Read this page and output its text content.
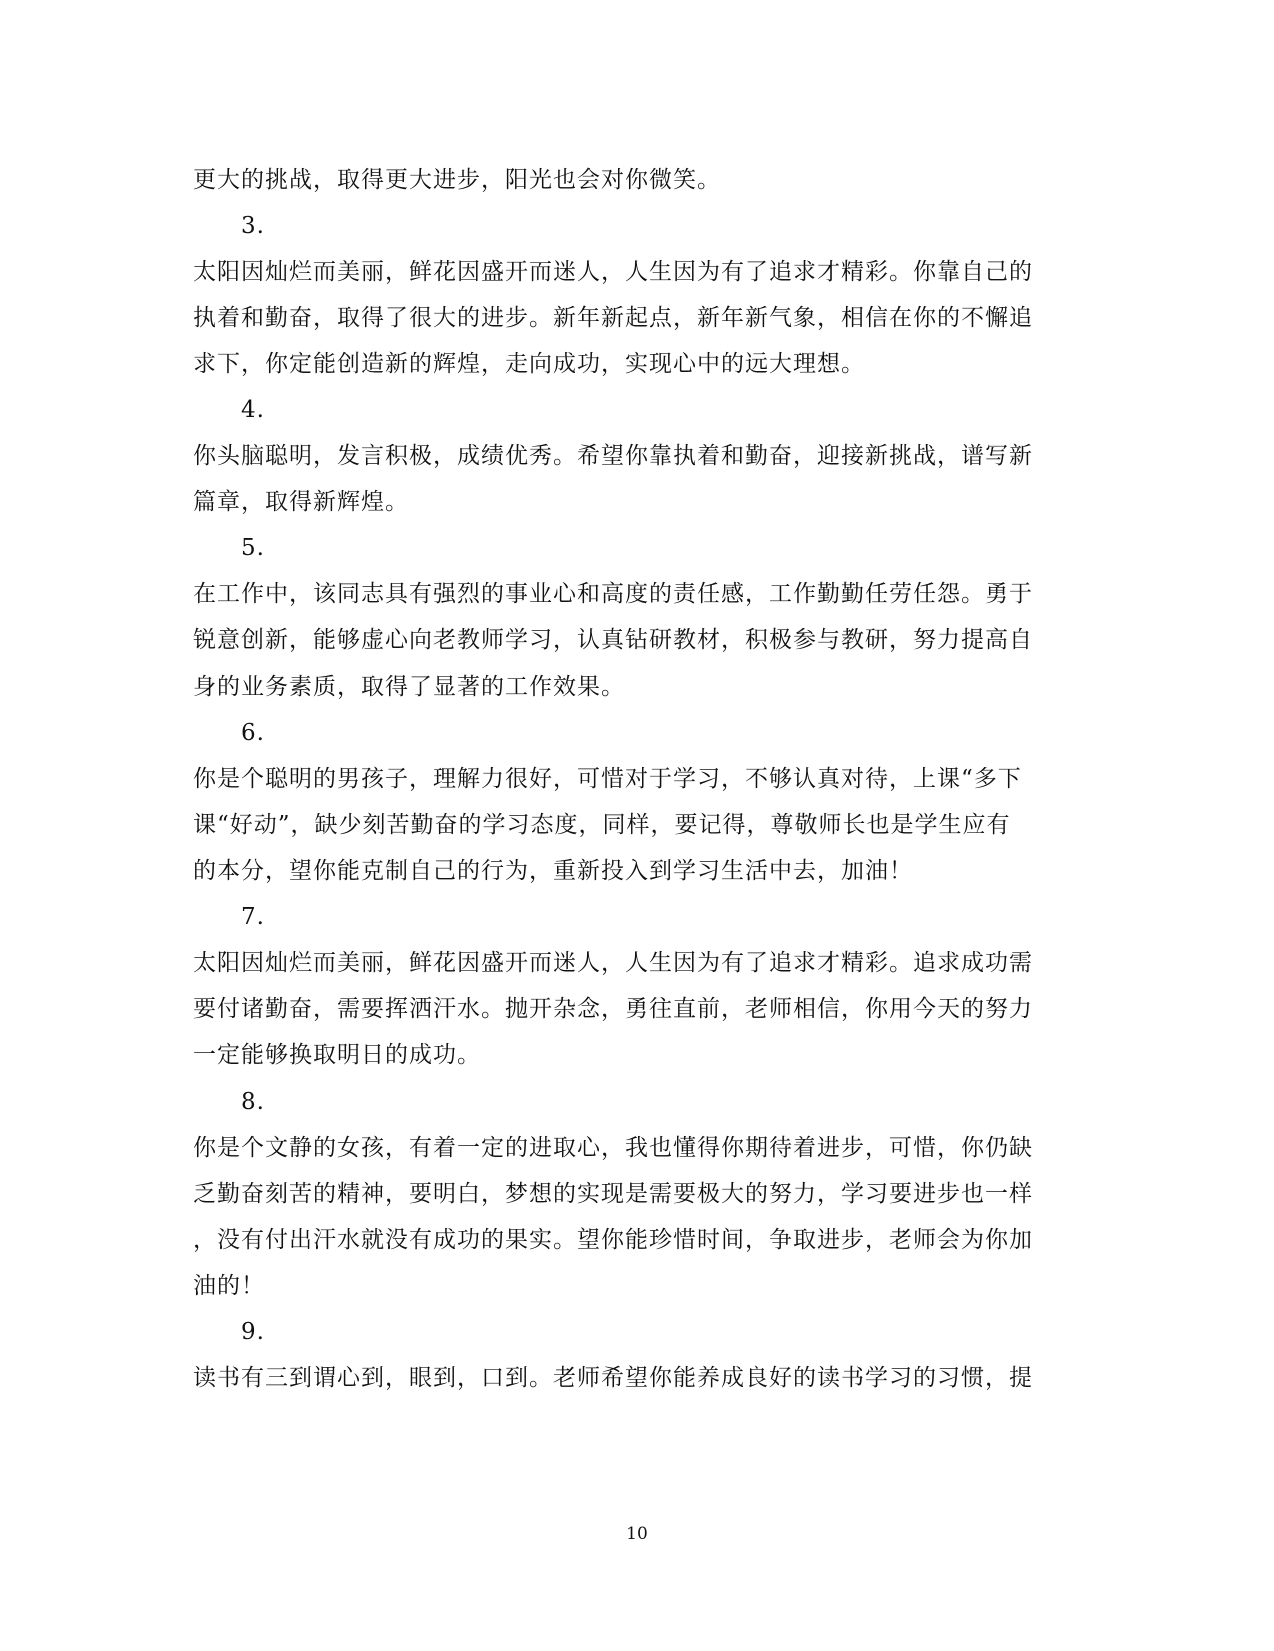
更大的挑战，取得更大进步，阳光也会对你微笑。
3.
太阳因灿烂而美丽，鲜花因盛开而迷人，人生因为有了追求才精彩。你靠自己的
执着和勤奋，取得了很大的进步。新年新起点，新年新气象，相信在你的不懈追
求下，你定能创造新的辉煌，走向成功，实现心中的远大理想。
4.
你头脑聪明，发言积极，成绩优秀。希望你靠执着和勤奋，迎接新挑战，谱写新
篇章，取得新辉煌。
5.
在工作中，该同志具有强烈的事业心和高度的责任感，工作勤勤任劳任怨。勇于
锐意创新，能够虚心向老教师学习，认真钻研教材，积极参与教研，努力提高自
身的业务素质，取得了显著的工作效果。
6.
你是个聪明的男孩子，理解力很好，可惜对于学习，不够认真对待，上课“多下
课“好动”，缺少刻苦勤奋的学习态度，同样，要记得，尊敬师长也是学生应有
的本分，望你能克制自己的行为，重新投入到学习生活中去，加油！
7.
太阳因灿烂而美丽，鲜花因盛开而迷人，人生因为有了追求才精彩。追求成功需
要付诸勤奋，需要挥洒汗水。抛开杂念，勇往直前，老师相信，你用今天的努力
一定能够换取明日的成功。
8.
你是个文静的女孩，有着一定的进取心，我也懂得你期待着进步，可惜，你仍缺
乏勤奋刻苦的精神，要明白，梦想的实现是需要极大的努力，学习要进步也一样
，没有付出汗水就没有成功的果实。望你能珍惜时间，争取进步，老师会为你加
油的！
9.
读书有三到谓心到，眼到，口到。老师希望你能养成良好的读书学习的习惯，提
10
